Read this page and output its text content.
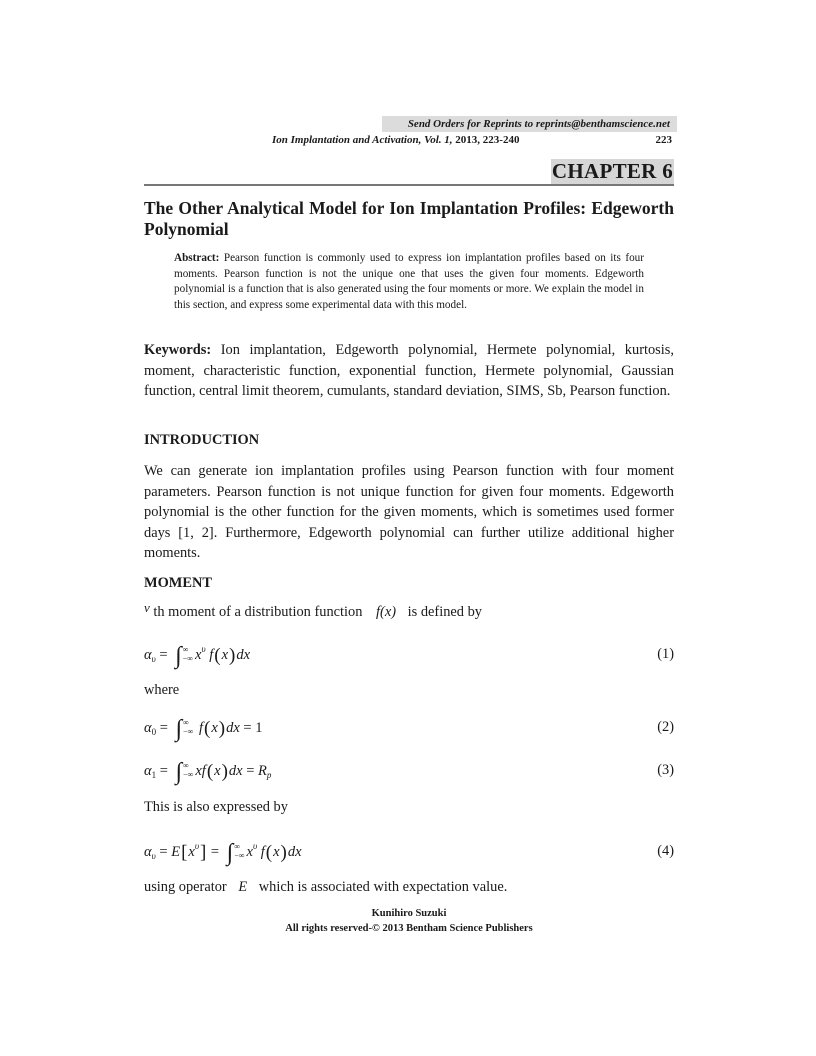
Send Orders for Reprints to reprints@benthamscience.net
Ion Implantation and Activation, Vol. 1, 2013, 223-240	223
CHAPTER 6
The Other Analytical Model for Ion Implantation Profiles: Edgeworth Polynomial
Abstract: Pearson function is commonly used to express ion implantation profiles based on its four moments. Pearson function is not the unique one that uses the given four moments. Edgeworth polynomial is a function that is also generated using the four moments or more. We explain the model in this section, and express some experimental data with this model.
Keywords: Ion implantation, Edgeworth polynomial, Hermete polynomial, kurtosis, moment, characteristic function, exponential function, Hermete polynomial, Gaussian function, central limit theorem, cumulants, standard deviation, SIMS, Sb, Pearson function.
INTRODUCTION
We can generate ion implantation profiles using Pearson function with four moment parameters. Pearson function is not unique function for given four moments. Edgeworth polynomial is the other function for the given moments, which is sometimes used former days [1, 2]. Furthermore, Edgeworth polynomial can further utilize additional higher moments.
MOMENT
ν th moment of a distribution function f(x) is defined by
α υ = ∫ ∞
−∞ x υ f ( x ) dx	(1)
where
α 0 = ∫ ∞
−∞ f ( x ) dx = 1	(2)
α 1 = ∫ ∞
−∞ xf ( x ) dx = R p	(3)
This is also expressed by
α υ = E [ x υ ] = ∫ ∞
−∞ x υ f ( x ) dx	(4)
using operator E which is associated with expectation value.
Kunihiro Suzuki
All rights reserved-© 2013 Bentham Science Publishers
